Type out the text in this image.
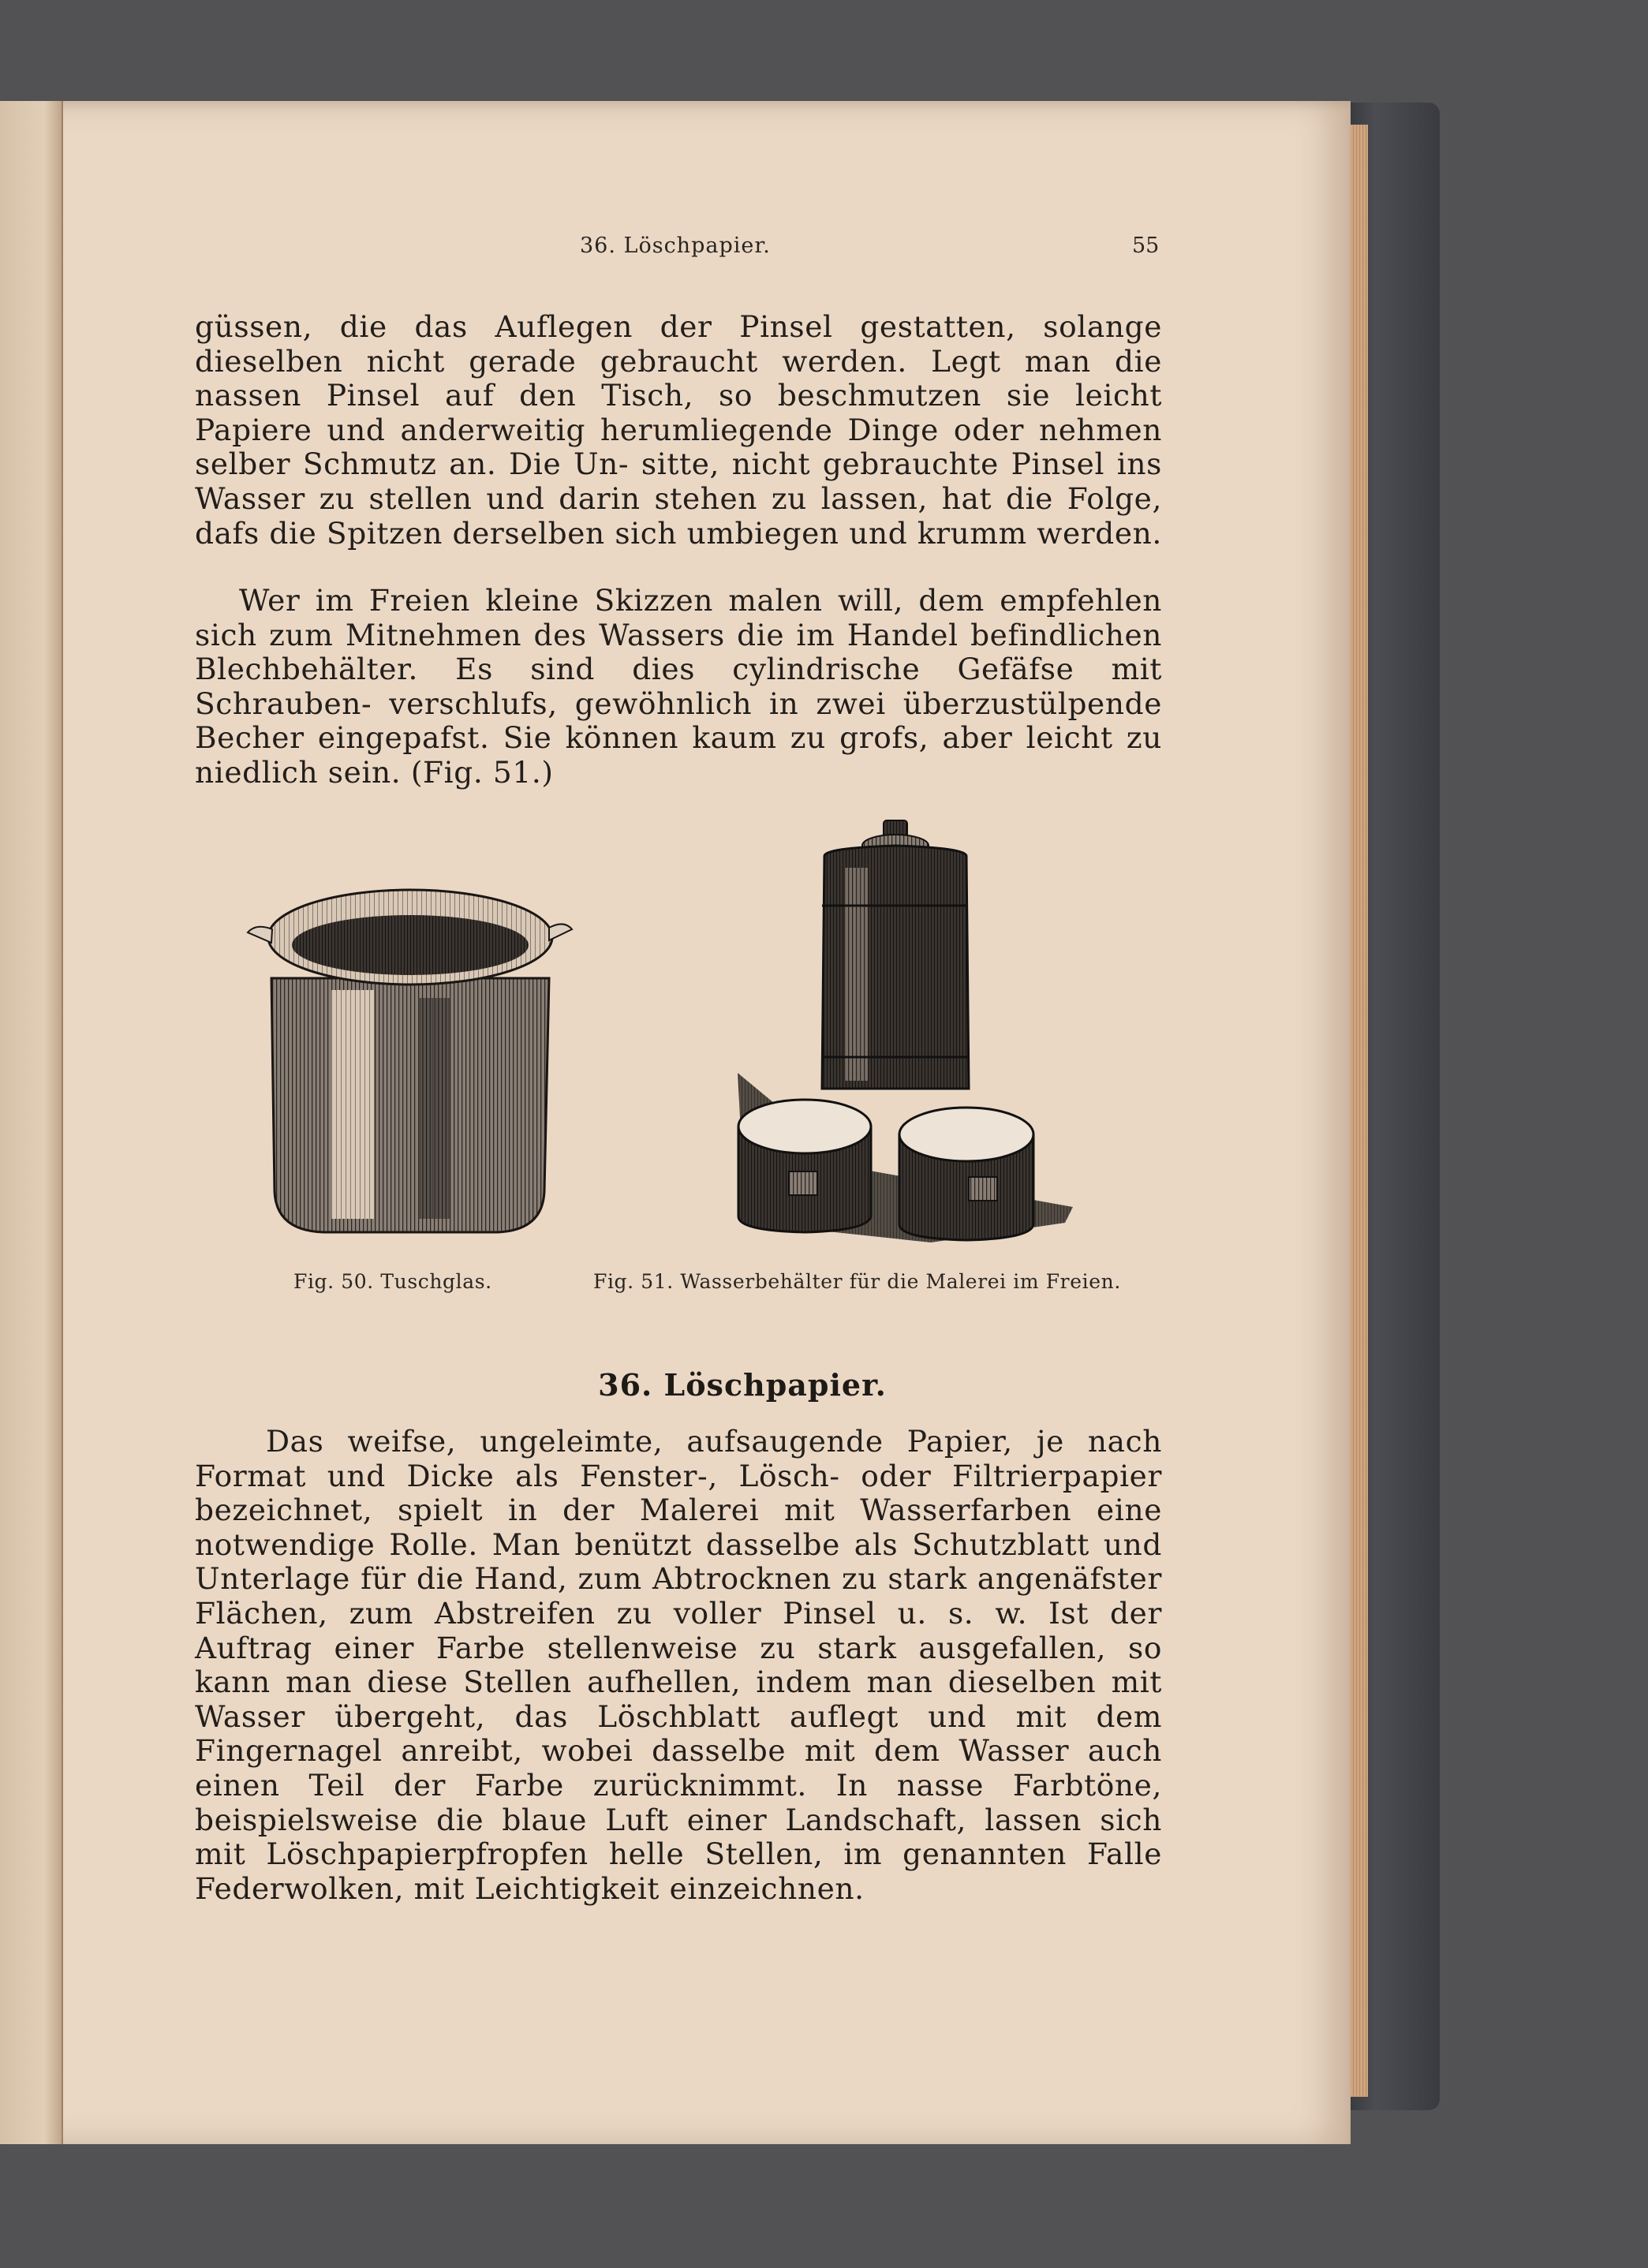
36. Löschpapier.	55
güssen, die das Auflegen der Pinsel gestatten, solange dieselben nicht gerade gebraucht werden. Legt man die nassen Pinsel auf den Tisch, so beschmutzen sie leicht Papiere und anderweitig herumliegende Dinge oder nehmen selber Schmutz an. Die Un- sitte, nicht gebrauchte Pinsel ins Wasser zu stellen und darin stehen zu lassen, hat die Folge, dafs die Spitzen derselben sich umbiegen und krumm werden.
Wer im Freien kleine Skizzen malen will, dem empfehlen sich zum Mitnehmen des Wassers die im Handel befindlichen Blechbehälter. Es sind dies cylindrische Gefäfse mit Schrauben- verschlufs, gewöhnlich in zwei überzustülpende Becher eingepafst. Sie können kaum zu grofs, aber leicht zu niedlich sein. (Fig. 51.)
Fig. 50. Tuschglas.	Fig. 51. Wasserbehälter für die Malerei im Freien.
36. Löschpapier.
Das weifse, ungeleimte, aufsaugende Papier, je nach Format und Dicke als Fenster-, Lösch- oder Filtrierpapier bezeichnet, spielt in der Malerei mit Wasserfarben eine notwendige Rolle. Man benützt dasselbe als Schutzblatt und Unterlage für die Hand, zum Abtrocknen zu stark angenäfster Flächen, zum Abstreifen zu voller Pinsel u. s. w. Ist der Auftrag einer Farbe stellenweise zu stark ausgefallen, so kann man diese Stellen aufhellen, indem man dieselben mit Wasser übergeht, das Löschblatt auflegt und mit dem Fingernagel anreibt, wobei dasselbe mit dem Wasser auch einen Teil der Farbe zurücknimmt. In nasse Farbtöne, beispielsweise die blaue Luft einer Landschaft, lassen sich mit Löschpapierpfropfen helle Stellen, im genannten Falle Federwolken, mit Leichtigkeit einzeichnen.
